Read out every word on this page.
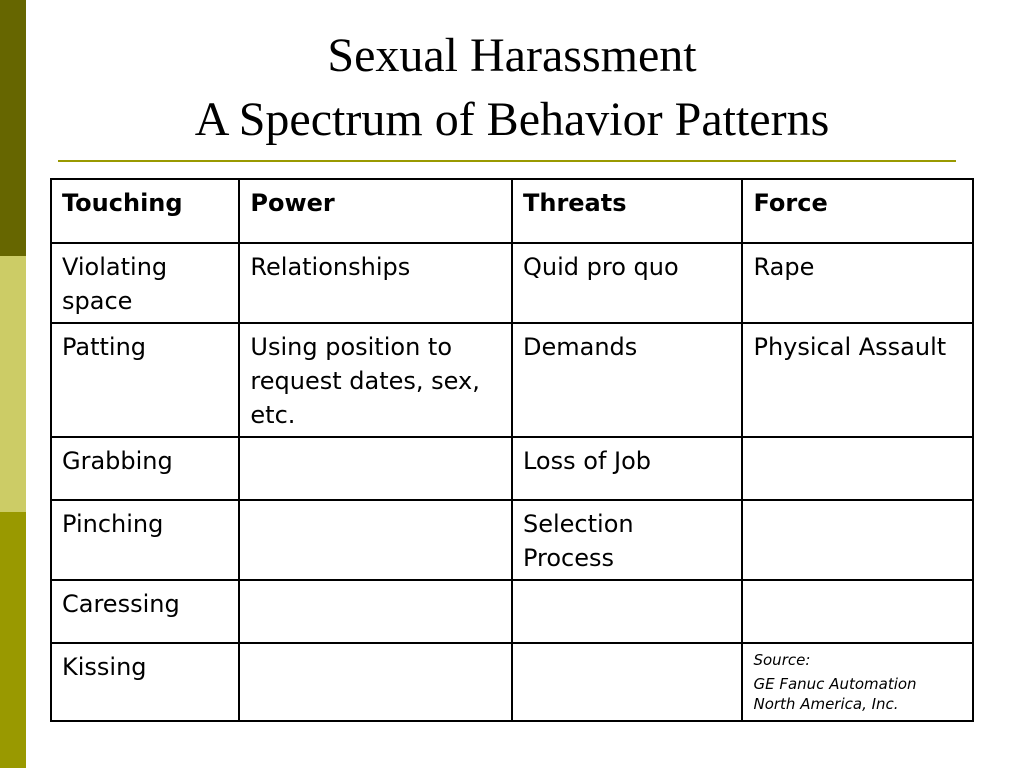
Sexual Harassment
A Spectrum of Behavior Patterns
Touching	Power	Threats	Force
Violating space	Relationships	Quid pro quo	Rape
Patting	Using position to request dates, sex, etc.	Demands	Physical Assault
Grabbing		Loss of Job	
Pinching		Selection Process	
Caressing			
Kissing			Source:
GE Fanuc Automation North America, Inc.
